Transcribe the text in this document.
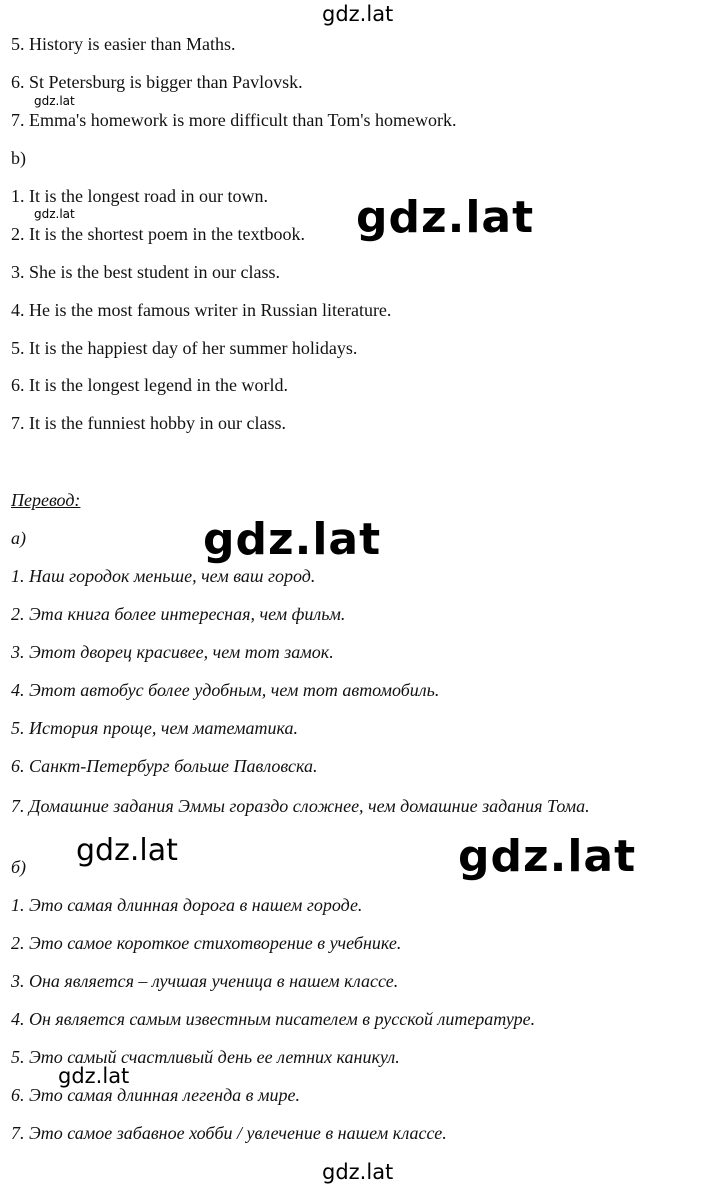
gdz.lat
gdz.lat
gdz.lat	gdz.lat
gdz.lat
gdz.lat	gdz.lat
gdz.lat
gdz.lat
5. History is easier than Maths.
6. St Petersburg is bigger than Pavlovsk.
7. Emma's homework is more difficult than Tom's homework.
b)
1. It is the longest road in our town.
2. It is the shortest poem in the textbook.
3. She is the best student in our class.
4. He is the most famous writer in Russian literature.
5. It is the happiest day of her summer holidays.
6. It is the longest legend in the world.
7. It is the funniest hobby in our class.
Перевод:
а)
1. Наш городок меньше, чем ваш город.
2. Эта книга более интересная, чем фильм.
3. Этот дворец красивее, чем тот замок.
4. Этот автобус более удобным, чем тот автомобиль.
5. История проще, чем математика.
6. Санкт-Петербург больше Павловска.
7. Домашние задания Эммы гораздо сложнее, чем домашние задания Тома.
б)
1. Это самая длинная дорога в нашем городе.
2. Это самое короткое стихотворение в учебнике.
3. Она является – лучшая ученица в нашем классе.
4. Он является самым известным писателем в русской литературе.
5. Это самый счастливый день ее летних каникул.
6. Это самая длинная легенда в мире.
7. Это самое забавное хобби / увлечение в нашем классе.
